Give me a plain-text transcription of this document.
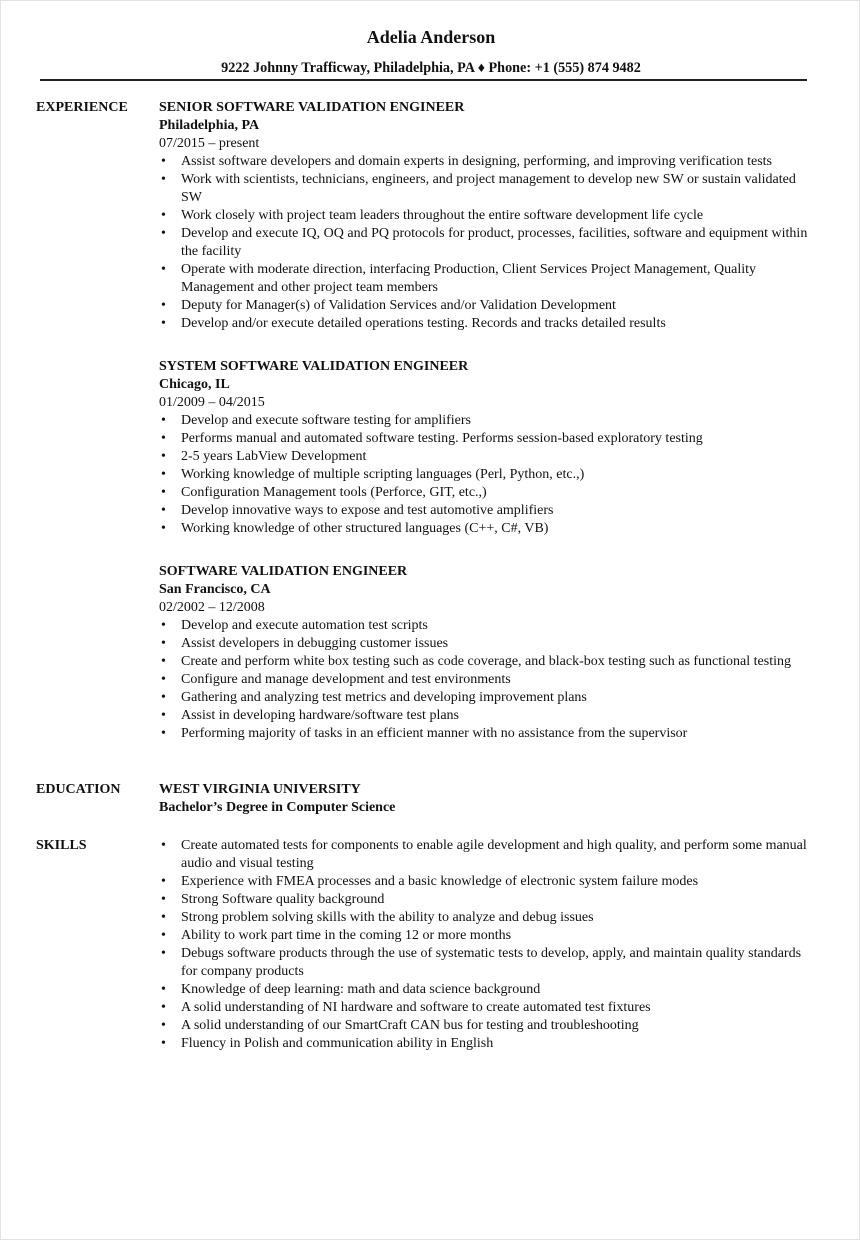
Adelia Anderson
9222 Johnny Trafficway, Philadelphia, PA ♦ Phone: +1 (555) 874 9482
EXPERIENCE SENIOR SOFTWARE VALIDATION ENGINEER
Philadelphia, PA
07/2015 – present
• Assist software developers and domain experts in designing, performing, and improving verification tests
• Work with scientists, technicians, engineers, and project management to develop new SW or sustain validated SW
• Work closely with project team leaders throughout the entire software development life cycle
• Develop and execute IQ, OQ and PQ protocols for product, processes, facilities, software and equipment within the facility
• Operate with moderate direction, interfacing Production, Client Services Project Management, Quality Management and other project team members
• Deputy for Manager(s) of Validation Services and/or Validation Development
• Develop and/or execute detailed operations testing. Records and tracks detailed results
SYSTEM SOFTWARE VALIDATION ENGINEER
Chicago, IL
01/2009 – 04/2015
• Develop and execute software testing for amplifiers
• Performs manual and automated software testing. Performs session-based exploratory testing
• 2-5 years LabView Development
• Working knowledge of multiple scripting languages (Perl, Python, etc.,)
• Configuration Management tools (Perforce, GIT, etc.,)
• Develop innovative ways to expose and test automotive amplifiers
• Working knowledge of other structured languages (C++, C#, VB)
SOFTWARE VALIDATION ENGINEER
San Francisco, CA
02/2002 – 12/2008
• Develop and execute automation test scripts
• Assist developers in debugging customer issues
• Create and perform white box testing such as code coverage, and black-box testing such as functional testing
• Configure and manage development and test environments
• Gathering and analyzing test metrics and developing improvement plans
• Assist in developing hardware/software test plans
• Performing majority of tasks in an efficient manner with no assistance from the supervisor
EDUCATION	WEST VIRGINIA UNIVERSITY
Bachelor’s Degree in Computer Science
SKILLS	• Create automated tests for components to enable agile development and high quality, and perform some manual audio and visual testing
• Experience with FMEA processes and a basic knowledge of electronic system failure modes
• Strong Software quality background
• Strong problem solving skills with the ability to analyze and debug issues
• Ability to work part time in the coming 12 or more months
• Debugs software products through the use of systematic tests to develop, apply, and maintain quality standards for company products
• Knowledge of deep learning: math and data science background
• A solid understanding of NI hardware and software to create automated test fixtures
• A solid understanding of our SmartCraft CAN bus for testing and troubleshooting
• Fluency in Polish and communication ability in English
